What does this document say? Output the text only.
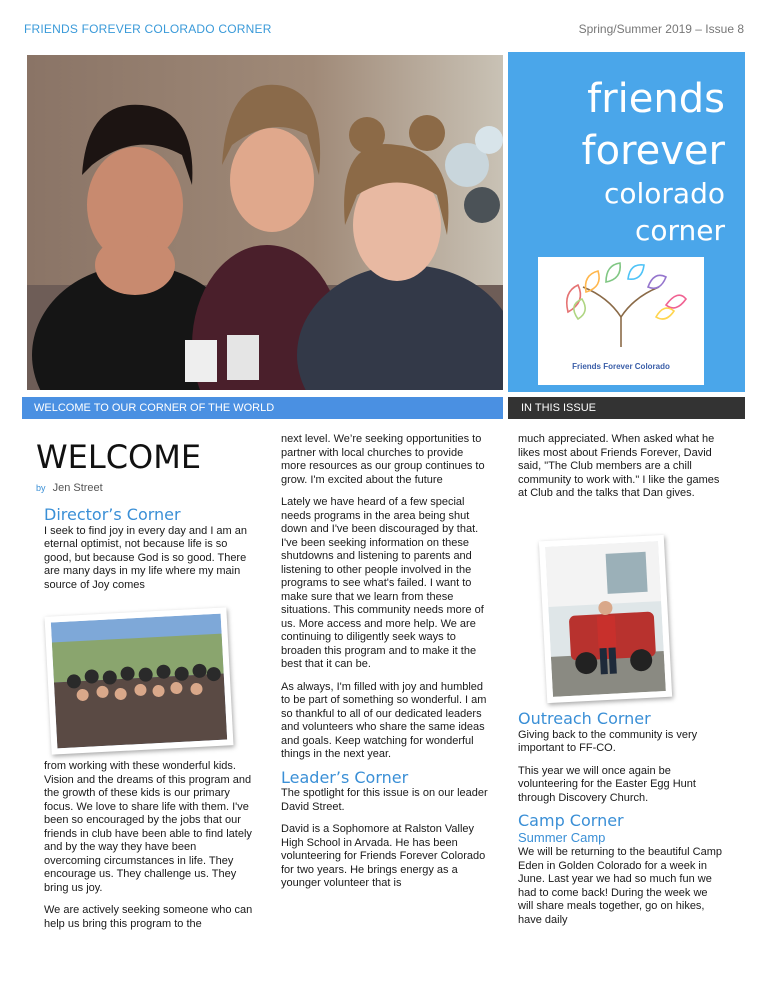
FRIENDS FOREVER COLORADO CORNER	Spring/Summer 2019 – Issue 8
friends
forever
colorado
corner
Friends Forever Colorado
WELCOME TO OUR CORNER OF THE WORLD	IN THIS ISSUE
WELCOME
by Jen Street
Director’s Corner

I seek to find joy in every day and I am an eternal optimist, not because life is so good, but because God is so good. There are many days in my life where my main source of Joy comes

from working with these wonderful kids. Vision and the dreams of this program and the growth of these kids is our primary focus. We love to share life with them. I've been so encouraged by the jobs that our friends in club have been able to find lately and by the way they have been overcoming circumstances in life. They encourage us. They challenge us. They bring us joy.

We are actively seeking someone who can help us bring this program to the

next level. We’re seeking opportunities to partner with local churches to provide more resources as our group continues to grow. I'm excited about the future

Lately we have heard of a few special needs programs in the area being shut down and I've been discouraged by that. I've been seeking information on these shutdowns and listening to parents and listening to other people involved in the programs to see what's failed. I want to make sure that we learn from these situations. This community needs more of us. More access and more help. We are continuing to diligently seek ways to broaden this program and to make it the best that it can be.

As always, I'm filled with joy and humbled to be part of something so wonderful. I am so thankful to all of our dedicated leaders and volunteers who share the same ideas and goals. Keep watching for wonderful things in the next year.

Leader’s Corner

The spotlight for this issue is on our leader David Street.

David is a Sophomore at Ralston Valley High School in Arvada. He has been volunteering for Friends Forever Colorado for two years. He brings energy as a younger volunteer that is

much appreciated. When asked what he likes most about Friends Forever, David said, "The Club members are a chill community to work with." I like the games at Club and the talks that Dan gives.

Outreach Corner

Giving back to the community is very important to FF-CO.

This year we will once again be volunteering for the Easter Egg Hunt through Discovery Church.

Camp Corner
Summer Camp

We will be returning to the beautiful Camp Eden in Golden Colorado for a week in June. Last year we had so much fun we had to come back! During the week we will share meals together, go on hikes, have daily
